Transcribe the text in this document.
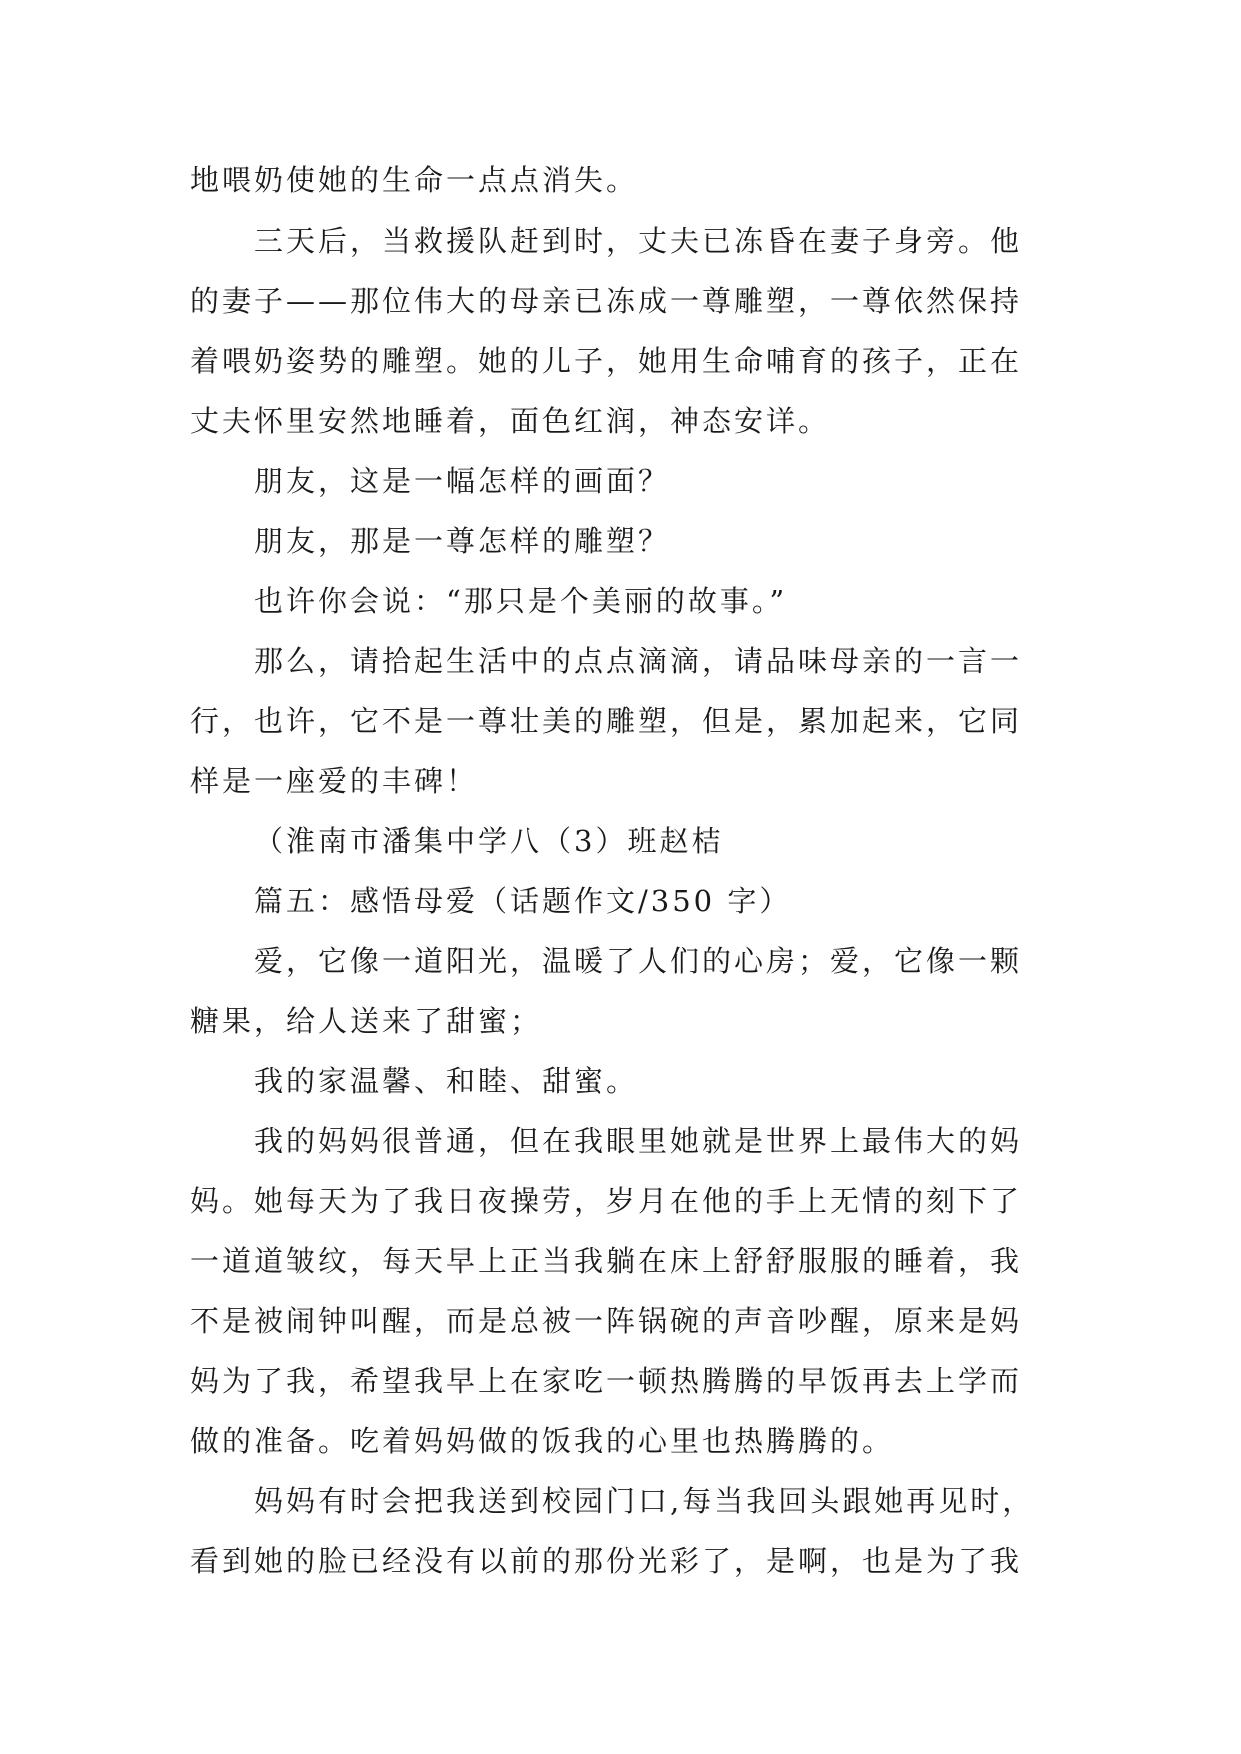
地喂奶使她的生命一点点消失。
三天后，当救援队赶到时，丈夫已冻昏在妻子身旁。他
的妻子——那位伟大的母亲已冻成一尊雕塑，一尊依然保持
着喂奶姿势的雕塑。她的儿子，她用生命哺育的孩子，正在
丈夫怀里安然地睡着，面色红润，神态安详。
朋友，这是一幅怎样的画面？
朋友，那是一尊怎样的雕塑？
也许你会说：“那只是个美丽的故事。”
那么，请拾起生活中的点点滴滴，请品味母亲的一言一
行，也许，它不是一尊壮美的雕塑，但是，累加起来，它同
样是一座爱的丰碑！
（淮南市潘集中学八（3）班赵桔
篇五：感悟母爱（话题作文/350 字）
爱，它像一道阳光，温暖了人们的心房；爱，它像一颗
糖果，给人送来了甜蜜；
我的家温馨、和睦、甜蜜。
我的妈妈很普通，但在我眼里她就是世界上最伟大的妈
妈。她每天为了我日夜操劳，岁月在他的手上无情的刻下了
一道道皱纹，每天早上正当我躺在床上舒舒服服的睡着，我
不是被闹钟叫醒，而是总被一阵锅碗的声音吵醒，原来是妈
妈为了我，希望我早上在家吃一顿热腾腾的早饭再去上学而
做的准备。吃着妈妈做的饭我的心里也热腾腾的。
妈妈有时会把我送到校园门口,每当我回头跟她再见时，
看到她的脸已经没有以前的那份光彩了，是啊，也是为了我
